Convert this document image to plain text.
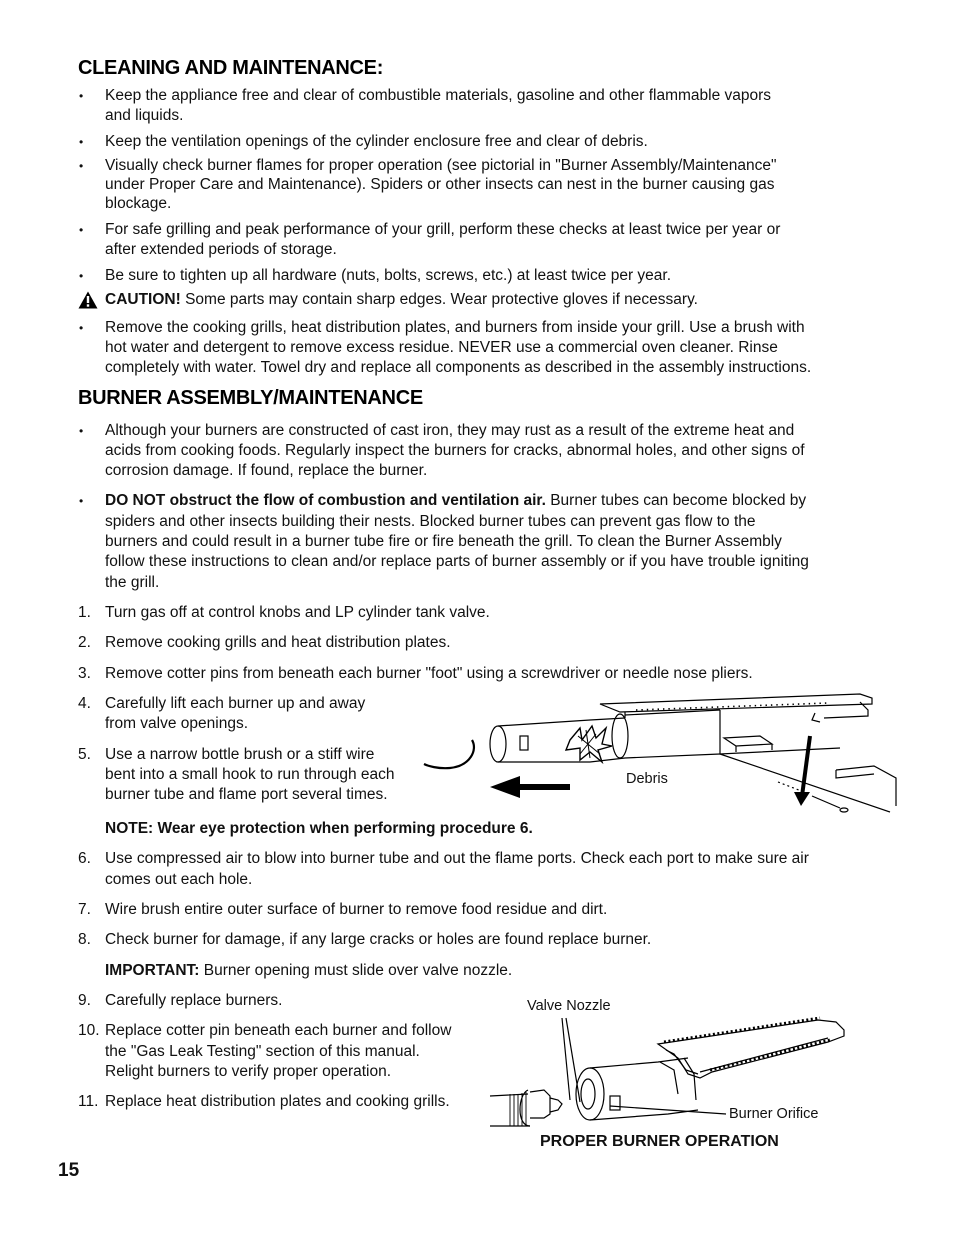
CLEANING AND MAINTENANCE:
• Keep the appliance free and clear of combustible materials, gasoline and other flammable vapors
and liquids.
• Keep the ventilation openings of the cylinder enclosure free and clear of debris.
• Visually check burner flames for proper operation (see pictorial in "Burner Assembly/Maintenance"
under Proper Care and Maintenance). Spiders or other insects can nest in the burner causing gas
blockage.
• For safe grilling and peak performance of your grill, perform these checks at least twice per year or
after extended periods of storage.
• Be sure to tighten up all hardware (nuts, bolts, screws, etc.) at least twice per year.
CAUTION! Some parts may contain sharp edges. Wear protective gloves if necessary.
• Remove the cooking grills, heat distribution plates, and burners from inside your grill. Use a brush with
hot water and detergent to remove excess residue. NEVER use a commercial oven cleaner. Rinse
completely with water. Towel dry and replace all components as described in the assembly instructions.
BURNER ASSEMBLY/MAINTENANCE
• Although your burners are constructed of cast iron, they may rust as a result of the extreme heat and
acids from cooking foods. Regularly inspect the burners for cracks, abnormal holes, and other signs of
corrosion damage. If found, replace the burner.
• DO NOT obstruct the flow of combustion and ventilation air. Burner tubes can become blocked by
spiders and other insects building their nests. Blocked burner tubes can prevent gas flow to the
burners and could result in a burner tube fire or fire beneath the grill. To clean the Burner Assembly
follow these instructions to clean and/or replace parts of burner assembly or if you have trouble igniting
the grill.
1. Turn gas off at control knobs and LP cylinder tank valve.
2. Remove cooking grills and heat distribution plates.
3. Remove cotter pins from beneath each burner "foot" using a screwdriver or needle nose pliers.
4. Carefully lift each burner up and away
from valve openings.
5. Use a narrow bottle brush or a stiff wire
bent into a small hook to run through each
burner tube and flame port several times.
NOTE: Wear eye protection when performing procedure 6.
6. Use compressed air to blow into burner tube and out the flame ports. Check each port to make sure air
comes out each hole.
7. Wire brush entire outer surface of burner to remove food residue and dirt.
8. Check burner for damage, if any large cracks or holes are found replace burner.
IMPORTANT: Burner opening must slide over valve nozzle.
9. Carefully replace burners.
10. Replace cotter pin beneath each burner and follow
the "Gas Leak Testing" section of this manual.
Relight burners to verify proper operation.
11. Replace heat distribution plates and cooking grills.
Debris
Valve Nozzle
Burner Orifice
PROPER BURNER OPERATION
15
